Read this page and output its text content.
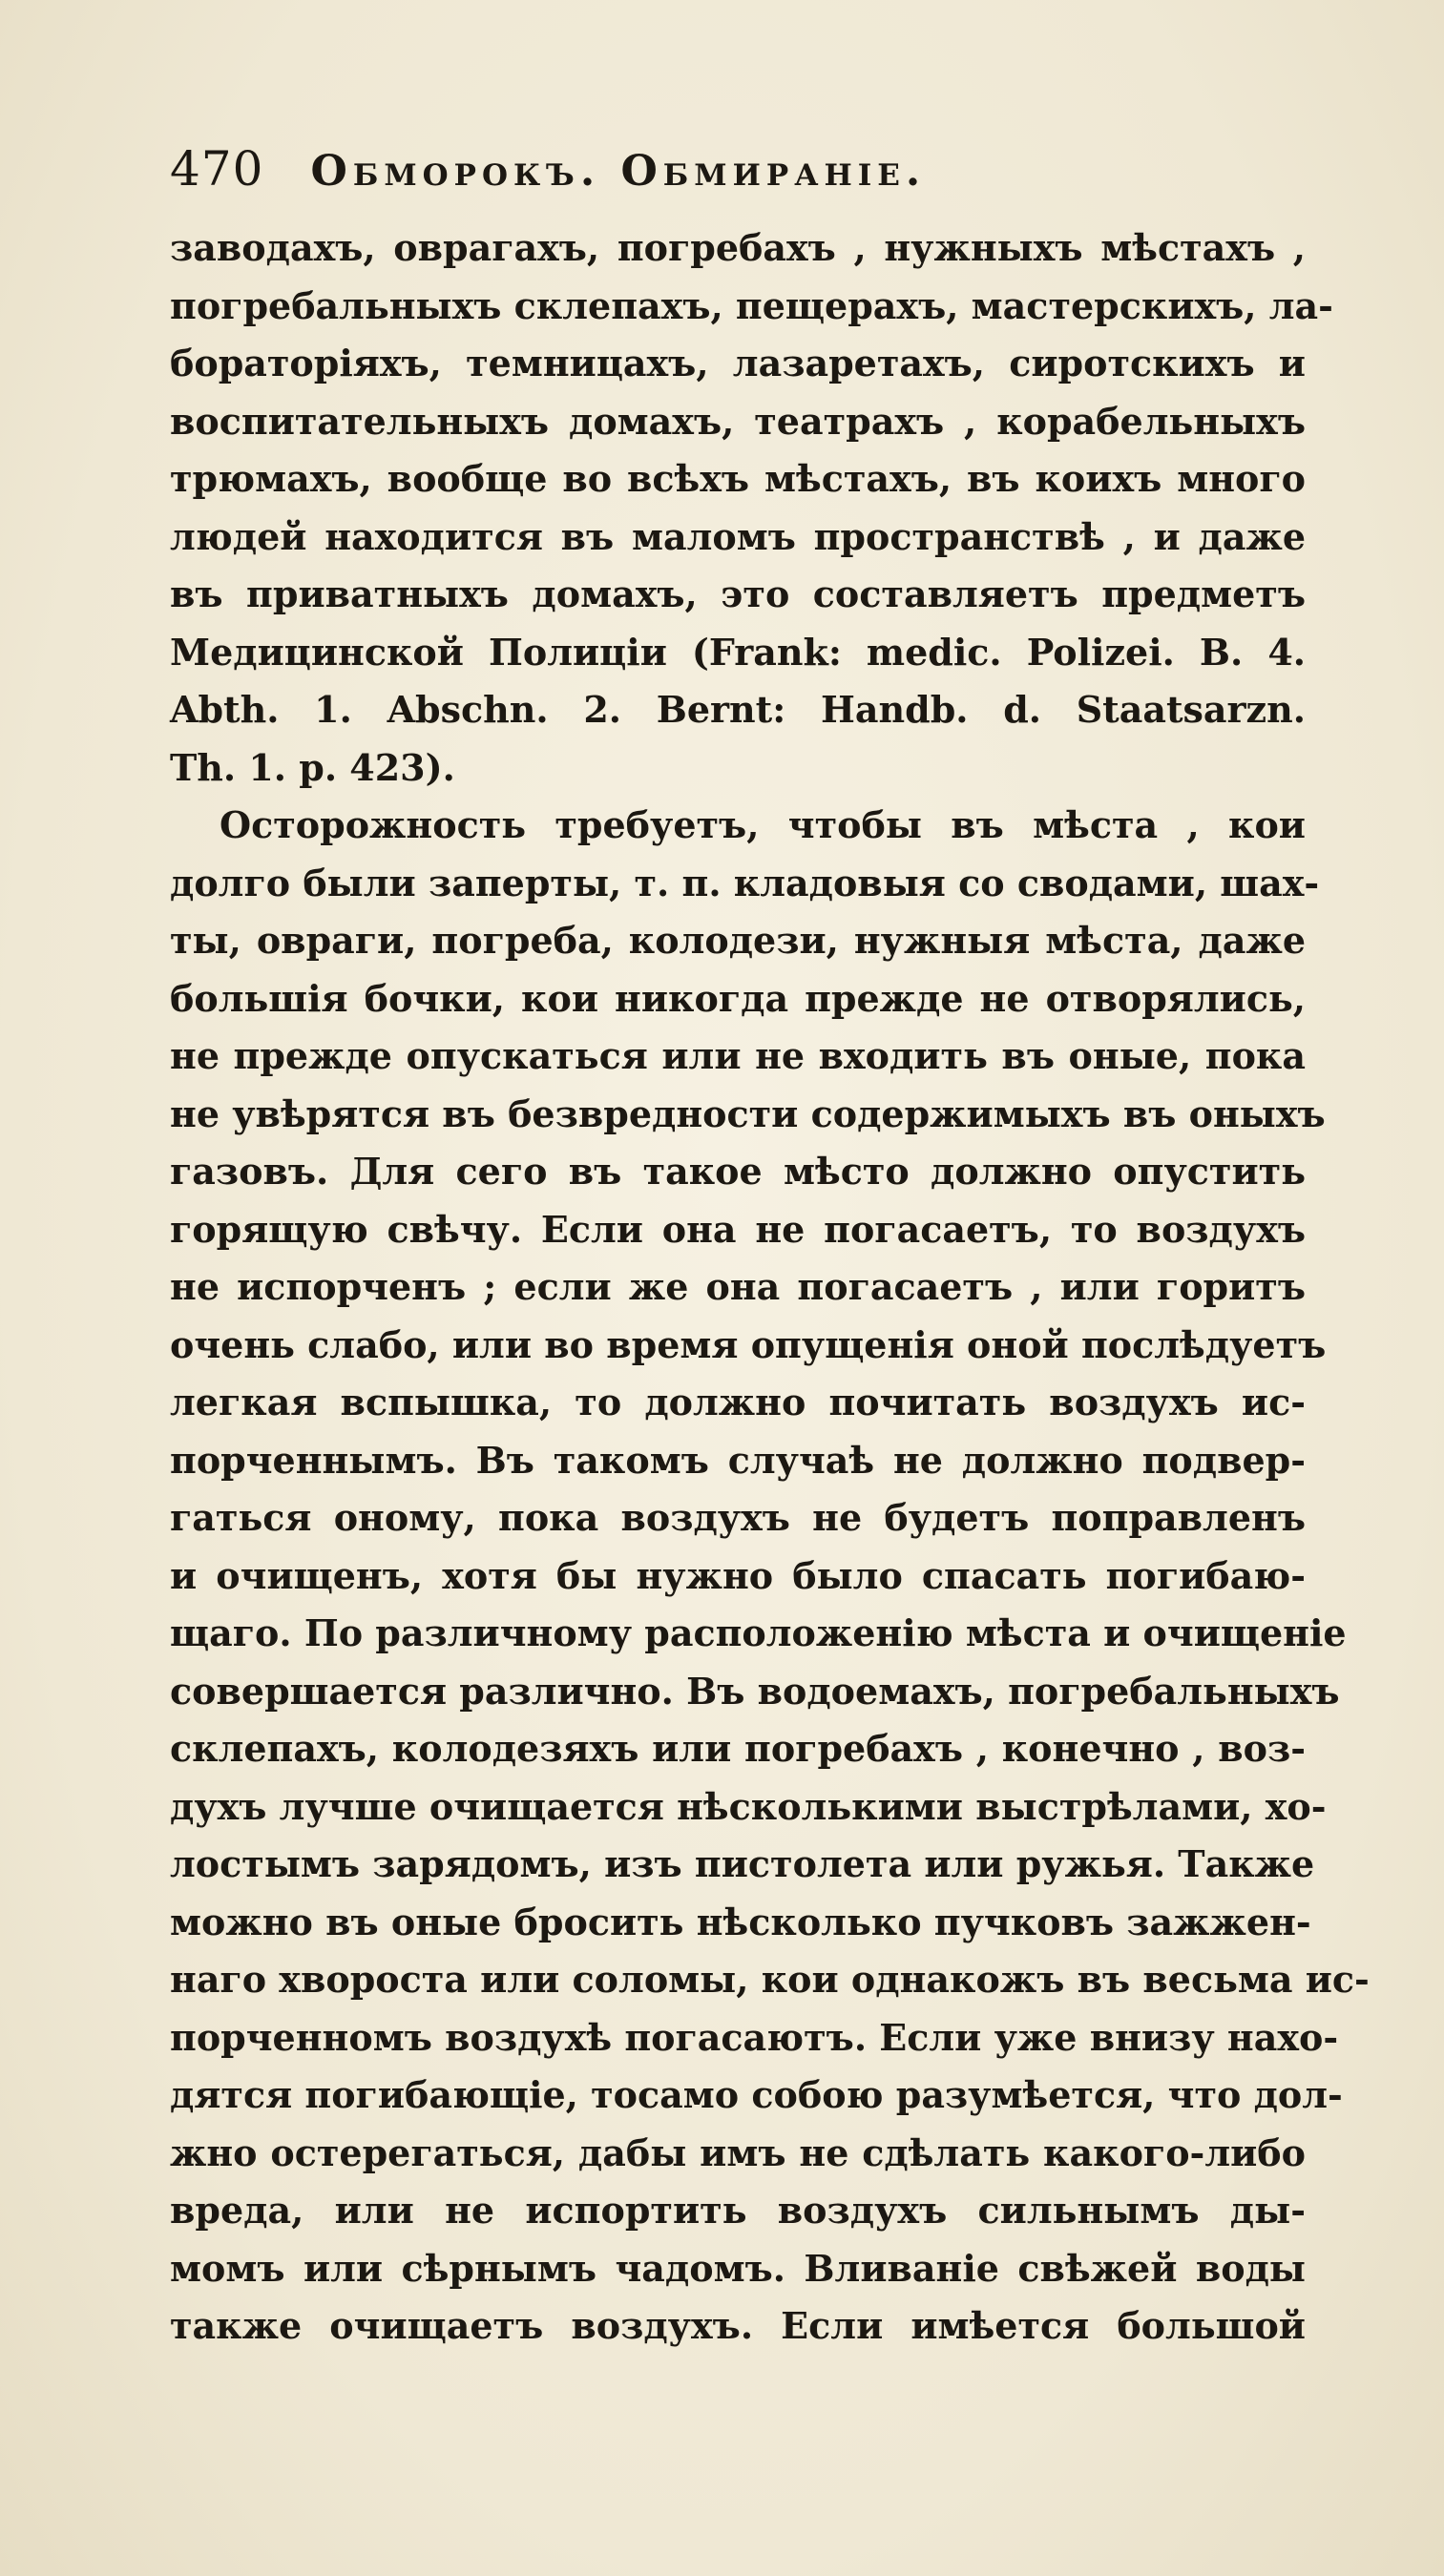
470 Обморокъ. Обмиранiе.
заводахъ, оврагахъ, погребахъ , нужныхъ мѣстахъ ,
погребальныхъ склепахъ, пещерахъ, мастерскихъ, ла-
бораторiяхъ, темницахъ, лазаретахъ, сиротскихъ и
воспитательныхъ домахъ, театрахъ , корабельныхъ
трюмахъ, вообще во всѣхъ мѣстахъ, въ коихъ много
людей находится въ маломъ пространствѣ , и даже
въ приватныхъ домахъ, это составляетъ предметъ
Медицинской Полицiи (Frank: medic. Polizei. B. 4.
Abth. 1. Abschn. 2. Bernt: Handb. d. Staatsarzn.
Th. 1. p. 423).
Осторожность требуетъ, чтобы въ мѣста , кои
долго были заперты, т. п. кладовыя со сводами, шах-
ты, овраги, погреба, колодези, нужныя мѣста, даже
большiя бочки, кои никогда прежде не отворялись,
не прежде опускаться или не входить въ оные, пока
не увѣрятся въ безвредности содержимыхъ въ оныхъ
газовъ. Для сего въ такое мѣсто должно опустить
горящую свѣчу. Если она не погасаетъ, то воздухъ
не испорченъ ; если же она погасаетъ , или горитъ
очень слабо, или во время опущенiя оной послѣдуетъ
легкая вспышка, то должно почитать воздухъ ис-
порченнымъ. Въ такомъ случаѣ не должно подвер-
гаться оному, пока воздухъ не будетъ поправленъ
и очищенъ, хотя бы нужно было спасать погибаю-
щаго. По различному расположенiю мѣста и очищенiе
совершается различно. Въ водоемахъ, погребальныхъ
склепахъ, колодезяхъ или погребахъ , конечно , воз-
духъ лучше очищается нѣсколькими выстрѣлами, хо-
лостымъ зарядомъ, изъ пистолета или ружья. Также
можно въ оные бросить нѣсколько пучковъ зажжен-
наго хвороста или соломы, кои однакожъ въ весьма ис-
порченномъ воздухѣ погасаютъ. Если уже внизу нахо-
дятся погибающiе, тосамо собою разумѣется, что дол-
жно остерегаться, дабы имъ не сдѣлать какого-либо
вреда, или не испортить воздухъ сильнымъ ды-
момъ или сѣрнымъ чадомъ. Вливанiе свѣжей воды
также очищаетъ воздухъ. Если имѣется большой
